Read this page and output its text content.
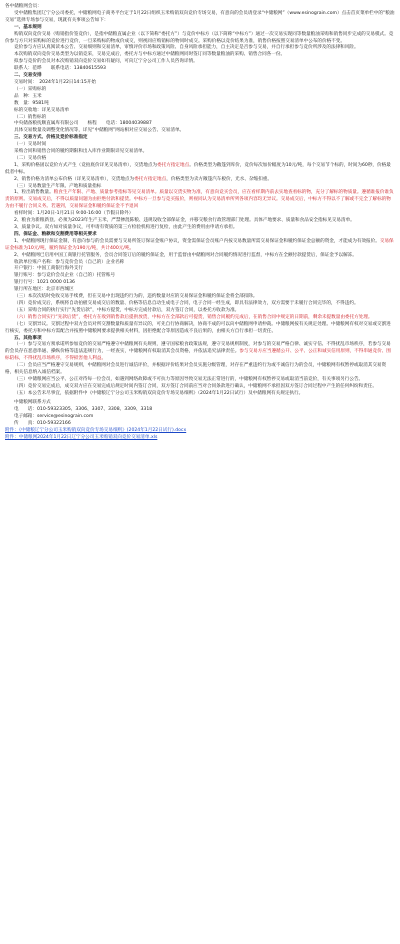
各中储粮网会员：

受中储粮集团辽宁分公司委托，中储粮网电子商务平台定于1月22日组织玉米购销双向竞价专场交易，有意向的会员请登录“中储粮网”（www.esinograin.com）点击首页菜单栏中的“粮油交易”选择专场参与交易，现就有关事项公告如下：

一、基本规则

购销双向竞价交易（购销指价签竞价），是指中储粮直属企业（以下简称“委托方”）与竞价中标方（以下简称“中标方”）通过一次交易实现同等数量粮油采购和销售同步完成的交易模式。竞价参与方只对采购标的竞价进行竞价，一旦采购标的物成价成交，则视同应购销标的物同时成交。采购价格以竞价结果为准，销售价格按照交易清单中公布的价格不变。

竞价参与方应认真阅读本公告、交易细则和交易清单，审慎评价市场和政策风险、自身风险承担能力，自主决定是否参与交易，并自行承担参与竞价所涉及的法律和风险。

本次购销双向竞价交易类型为以销竞采，交易完成后，委托方与中标方通过中储粮网同时签订同等数量粮油的采购、销售合同各一份。

拟参与竞价的会员对本次购销双向竞价交易如有疑问，可向辽宁分公司工作人员咨询详情。

联系人：范晔　　联系电话：13840615593

二、交易安排

交易时间：　2024年1月22日14:15开始

（一）采购标的

品　种：玉米

数　量：9581吨

标的交收地：详见交易清单

（二）销售标的

中央储备粮抚顺直属库有限公司　　杨程　　电话：18004039887

具体交易数量及调整变化情况等，详见“中储粮网”网站相对应交易公告、交易清单。

三、交易方式、价格及竞价标准指定

（一）交易时间

采购合同和销售合同的履约期限和出入库作业期限详见交易清单。

（二）交易价格

1、采购价格固以竞价方式产生（竞拍底价详见交易清单），交货地点为委托方指定地点。价格类型为敞篷到库价，竞价每次加价幅度为10元/吨，每个交易节个标的，时间为60秒，价格最低者中标。

2、销售价格为清单公布价格（详见交易清单），交货地点为委托方指定地点，价格类型为卖方敞篷汽车板价，光水、杂缩扣重。

（三）交易数量生产年限、产地和质量指标

1、粒出销售数量。粮食生产年限、产地、质量参考指标等见交易清单。质量以交货实物为准，有意向竞买会员，应在看样期内前去实地查看标的物，充分了解标的物质量。遵循谁报价谁负责的原则。交易成交后，不得以质量问题为由拒绝付款和提货。中标方一旦参与竞买报价，则视同认为交易清单所列各项内容均无异议。交易成交后，中标方不得以不了解或不完全了解标的物为由不履行合同义务。若遇到，交易保证金和履约保证金不予退回

看样时间：1月20日-1月21日 9:00-16:00（节假日除外）

2、粮食为新粮新登。必须为2023年生产玉米，严禁掺混陈粮、违规设收全部保证金，并移交粮食行政管理部门处理。具体产地要求、质量和食品安全指标见交易清单。

3、质量争议。双方如对质量争议，可申请有资质的第三方检验机构进行复检，由此产生的费用由申请方承担。

四、保证金、粮款和交割费用等相关要求

1、中储粮网现行保证金制，有意向参与的会员需要与交易所签订保证金账户协议，资金需保证会员账户内按交易数量所需交易保证金和履约保证金总额的资金，才能成为有效报价。交易保证金标准为10元/吨，履约保证金为190元/吨，共计400元/吨。

2、中储粮网已启用中国工商银行托管服务，会员合同签订后的履约保证金，用于监督由中储粮网对合同履约情况进行监督，中标方在全额付款提货后，保证金予以解冻。

收款单位账户名称：参与竞价会员（自己的）企业名称

开户银行：中国工商银行海外支行

银行账号：参与竞价会员企业（自己的）托管账号

银行行号：1021 0000 0136

银行所在地区：北京市西城区

（三）本次次结时免收交易手续费，但在交易中出现违约行为的，违约数量对应的交易保证金和履约保证金将全部扣除。

（四）竞价成交后，系统将自动拍板交易成交后的数量、价格等信息自动生成电子合同，电子合同一经生成，即具有法律效力，双方需要于未履行合同完毕的，不得违约。

（五）采购合同的执行实行“先货后款”，中标方提货，中标方完成付款后，双方签订合同，以委托方收款为准。

（六）销售合同实行“先款后货”，委托方在收到销售款后提供放货，中标方在全部款后可提货，销售合同履约完成后，在销售合同中规定的日期前，剩余未提数量由委托方处理。

（七）交割异议。交割过程中双方会员对所交割数量和质量有异议的，可先自行协商解决，协商不成的可以向中储粮网申请仲裁。中储粮网按有关规定处理。中储粮网有权对交易或交割进行核实，委托方和中标方需配合并按照中储粮网要求提供相关材料，因拒绝配合等原因造成不良后果的，由相关方自行承担一切责任。

五、其他事项

（一）参与交易方须承诺所参加竞价的交易严格遵守中储粮网有关规则，遵守国家粮食政策法规，遵守交易规则制度，对参与的交易严格自律、诚实守信、不得扰乱市场秩序，若参与交易的会员存在恶意串通、操纵价格等违法违规行为，一经查实，中储粮网有权取消其会员资格，并依法追究法律责任。参与交易方应当遵循公开、公平、公正和诚实信用原则，不得串通竞价、围标陪标，不得扰乱市场秩序，不得损害他人利益。

（二）会员应当严格遵守交易规则，中储粮网对会员进行诚信评价，并根据评价结果对会员实施分级管理，对存在严重违约行为或不诚信行为的会员，中储粮网有权暂停或取消其交易资格，相关信息纳入诚信档案。

（三）中储粮网应当公平、公正对待每一位会员，如遇到网络故障或不可抗力等原因导致交易无法正常进行的，中储粮网有权暂停交易或取消当前竞价，有关事项另行公告。

（四）竞价交易完成后，成交双方应在交易完成后规定时间内签订合同，双方签订合同前应当对合同条款进行确认，中储粮网不承担因双方签订合同过程中产生的任何纠纷和责任。

（五）本公告未尽事宜，依据附件中《中储粮辽宁分公司玉米购销双向竞价专场交易细则》（2024年1月22日试行）及中储粮网有关规定执行。

中储粮网联系方式

电　　话：010-59323305、3306、3307、3308、3309、3318

电子邮箱：service@esinograin.com

传　　真：010-59322166

附件：《中储粮辽宁分公司玉米购销双向竞价专场交易细则》(2024年1月22日试行).docx
附件：中储粮网2024年1月22日辽宁分公司玉米购销双向竞价交易清单.xls
